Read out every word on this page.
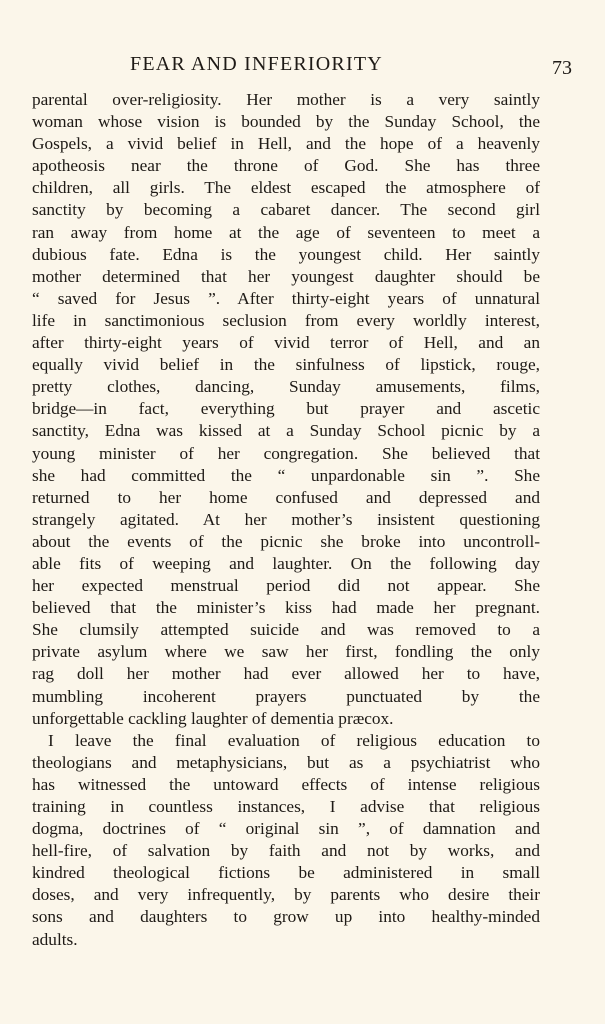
FEAR AND INFERIORITY	73
parental over-religiosity. Her mother is a very saintly
woman whose vision is bounded by the Sunday School, the
Gospels, a vivid belief in Hell, and the hope of a heavenly
apotheosis near the throne of God. She has three
children, all girls. The eldest escaped the atmosphere of
sanctity by becoming a cabaret dancer. The second girl
ran away from home at the age of seventeen to meet a
dubious fate. Edna is the youngest child. Her saintly
mother determined that her youngest daughter should be
“ saved for Jesus ”. After thirty-eight years of unnatural
life in sanctimonious seclusion from every worldly interest,
after thirty-eight years of vivid terror of Hell, and an
equally vivid belief in the sinfulness of lipstick, rouge,
pretty clothes, dancing, Sunday amusements, films,
bridge—in fact, everything but prayer and ascetic
sanctity, Edna was kissed at a Sunday School picnic by a
young minister of her congregation. She believed that
she had committed the “ unpardonable sin ”. She
returned to her home confused and depressed and
strangely agitated. At her mother’s insistent questioning
about the events of the picnic she broke into uncontroll-
able fits of weeping and laughter. On the following day
her expected menstrual period did not appear. She
believed that the minister’s kiss had made her pregnant.
She clumsily attempted suicide and was removed to a
private asylum where we saw her first, fondling the only
rag doll her mother had ever allowed her to have,
mumbling incoherent prayers punctuated by the
unforgettable cackling laughter of dementia præcox.
I leave the final evaluation of religious education to
theologians and metaphysicians, but as a psychiatrist who
has witnessed the untoward effects of intense religious
training in countless instances, I advise that religious
dogma, doctrines of “ original sin ”, of damnation and
hell-fire, of salvation by faith and not by works, and
kindred theological fictions be administered in small
doses, and very infrequently, by parents who desire their
sons and daughters to grow up into healthy-minded
adults.
